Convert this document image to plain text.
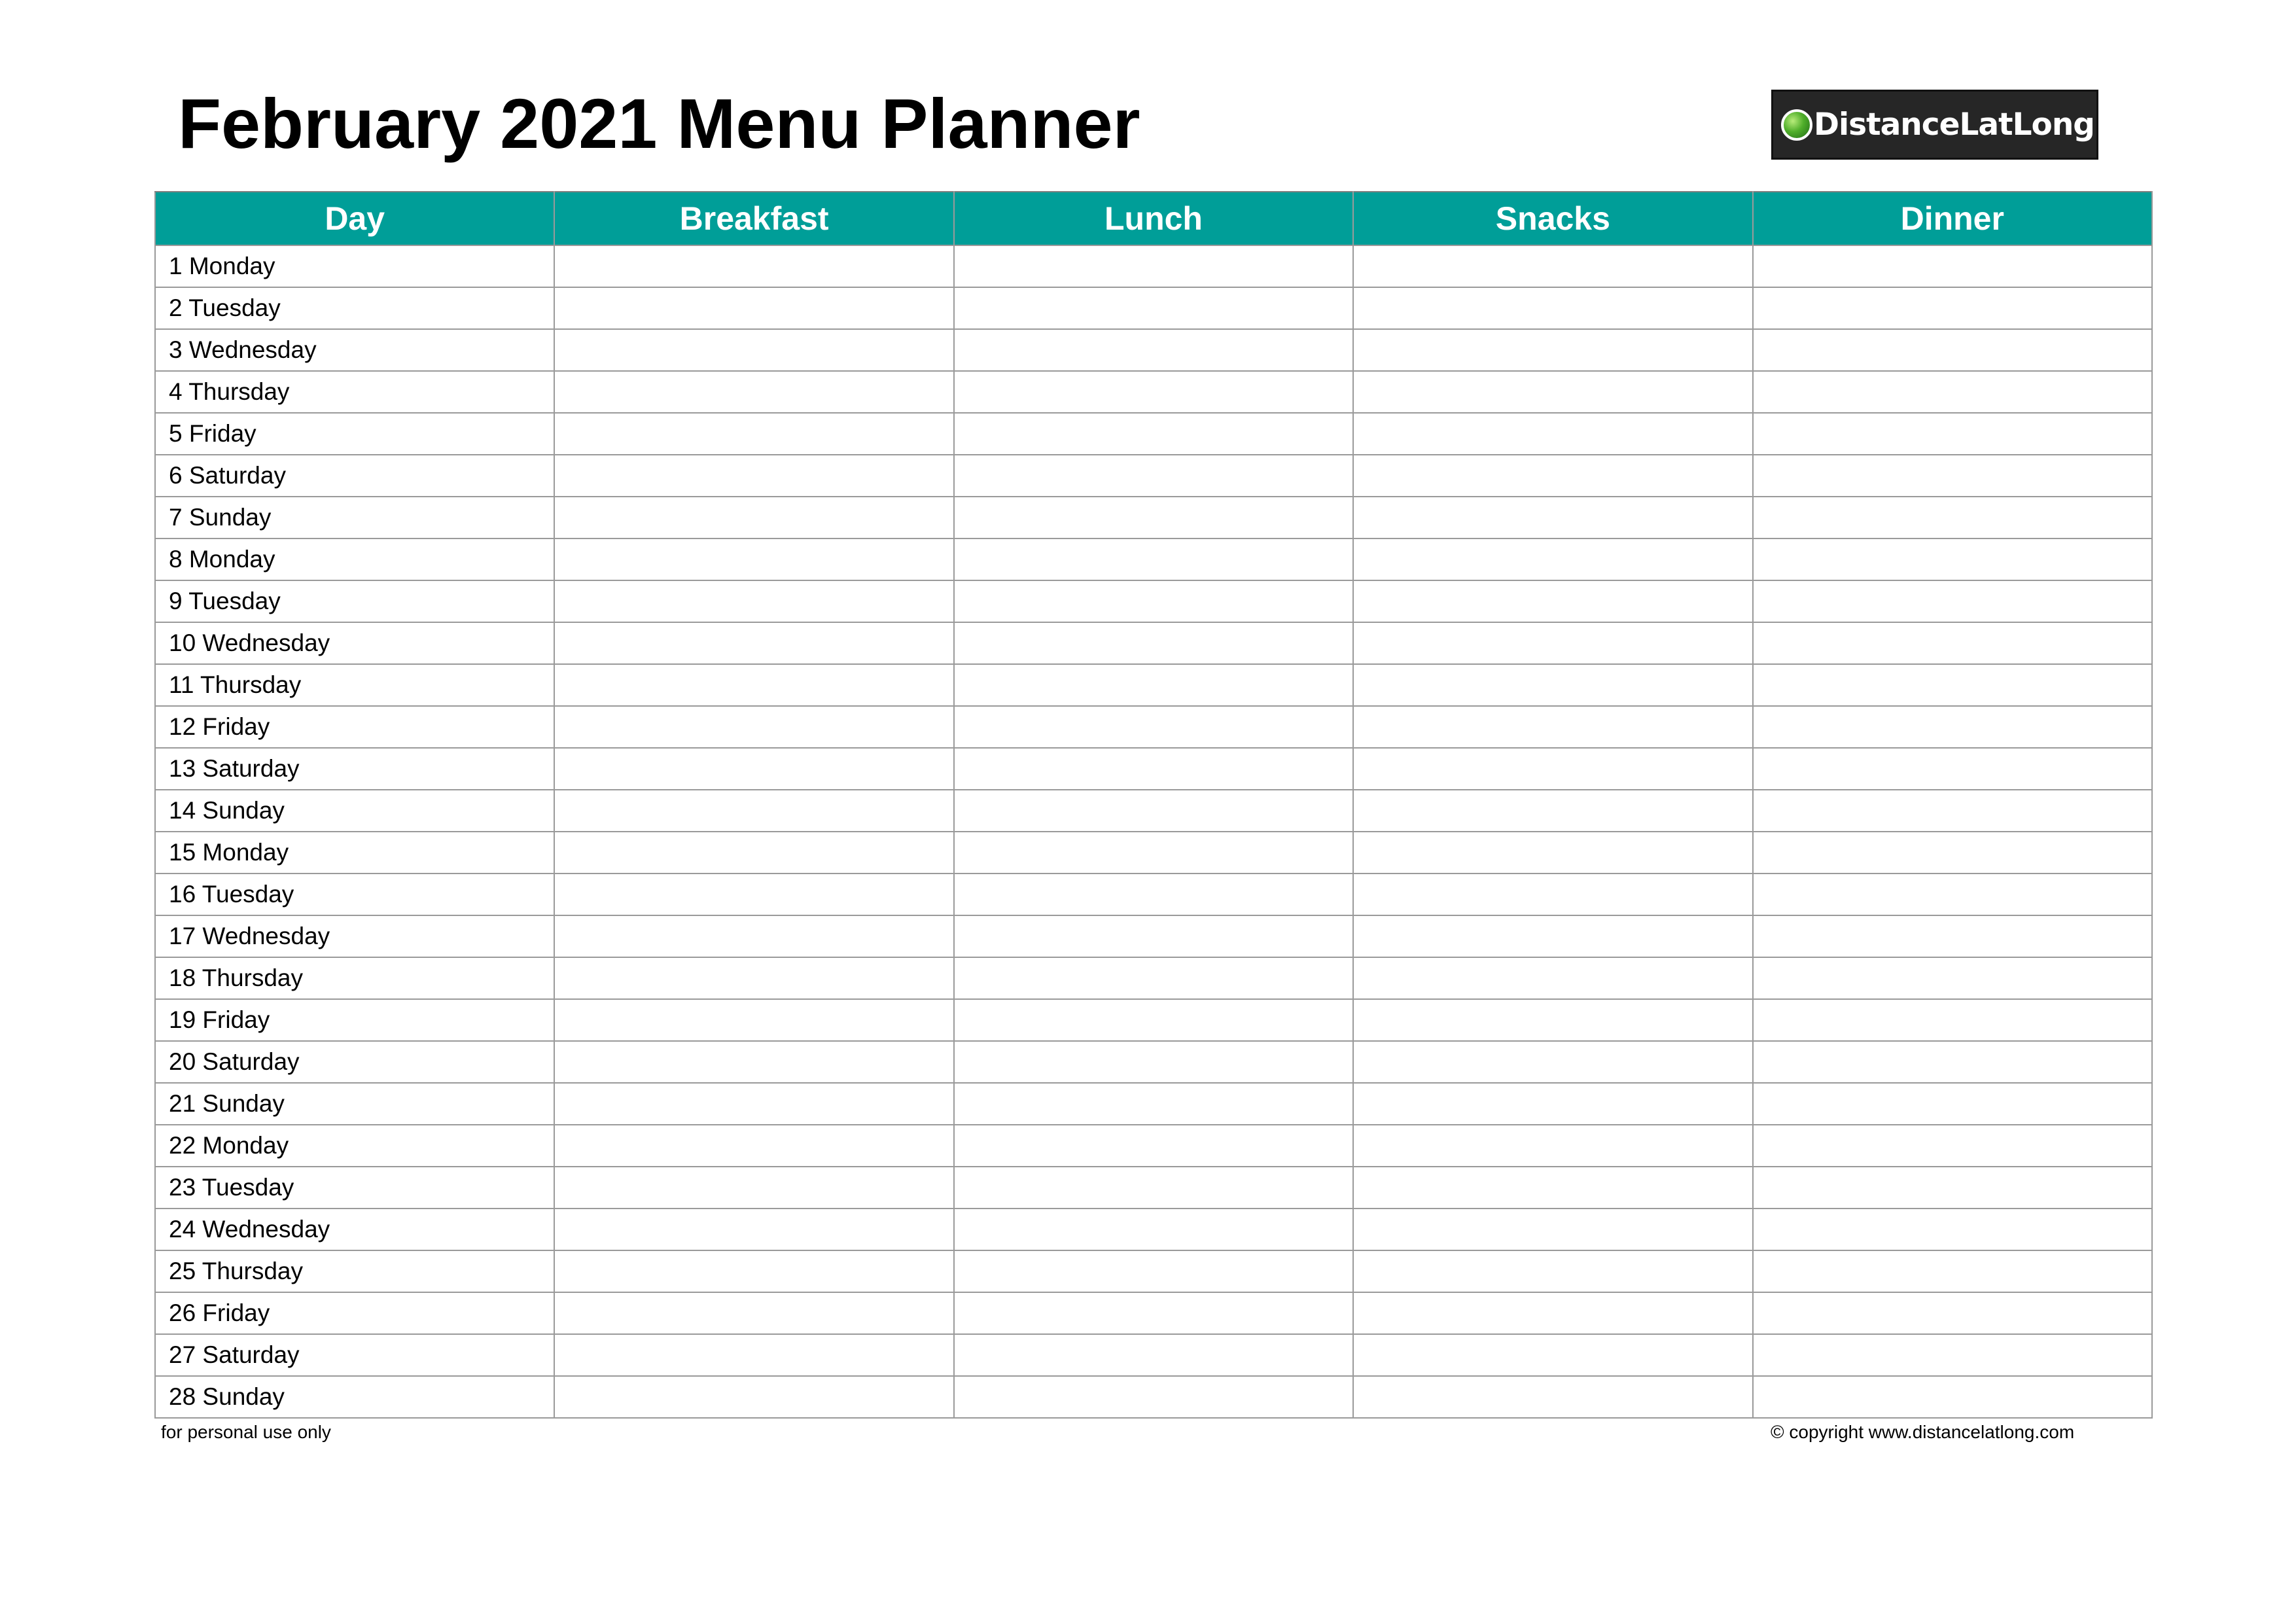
February 2021 Menu Planner	DistanceLatLong
Day	Breakfast	Lunch	Snacks	Dinner
1 Monday				
2 Tuesday				
3 Wednesday				
4 Thursday				
5 Friday				
6 Saturday				
7 Sunday				
8 Monday				
9 Tuesday				
10 Wednesday				
11 Thursday				
12 Friday				
13 Saturday				
14 Sunday				
15 Monday				
16 Tuesday				
17 Wednesday				
18 Thursday				
19 Friday				
20 Saturday				
21 Sunday				
22 Monday				
23 Tuesday				
24 Wednesday				
25 Thursday				
26 Friday				
27 Saturday				
28 Sunday				
for personal use only	© copyright www.distancelatlong.com
